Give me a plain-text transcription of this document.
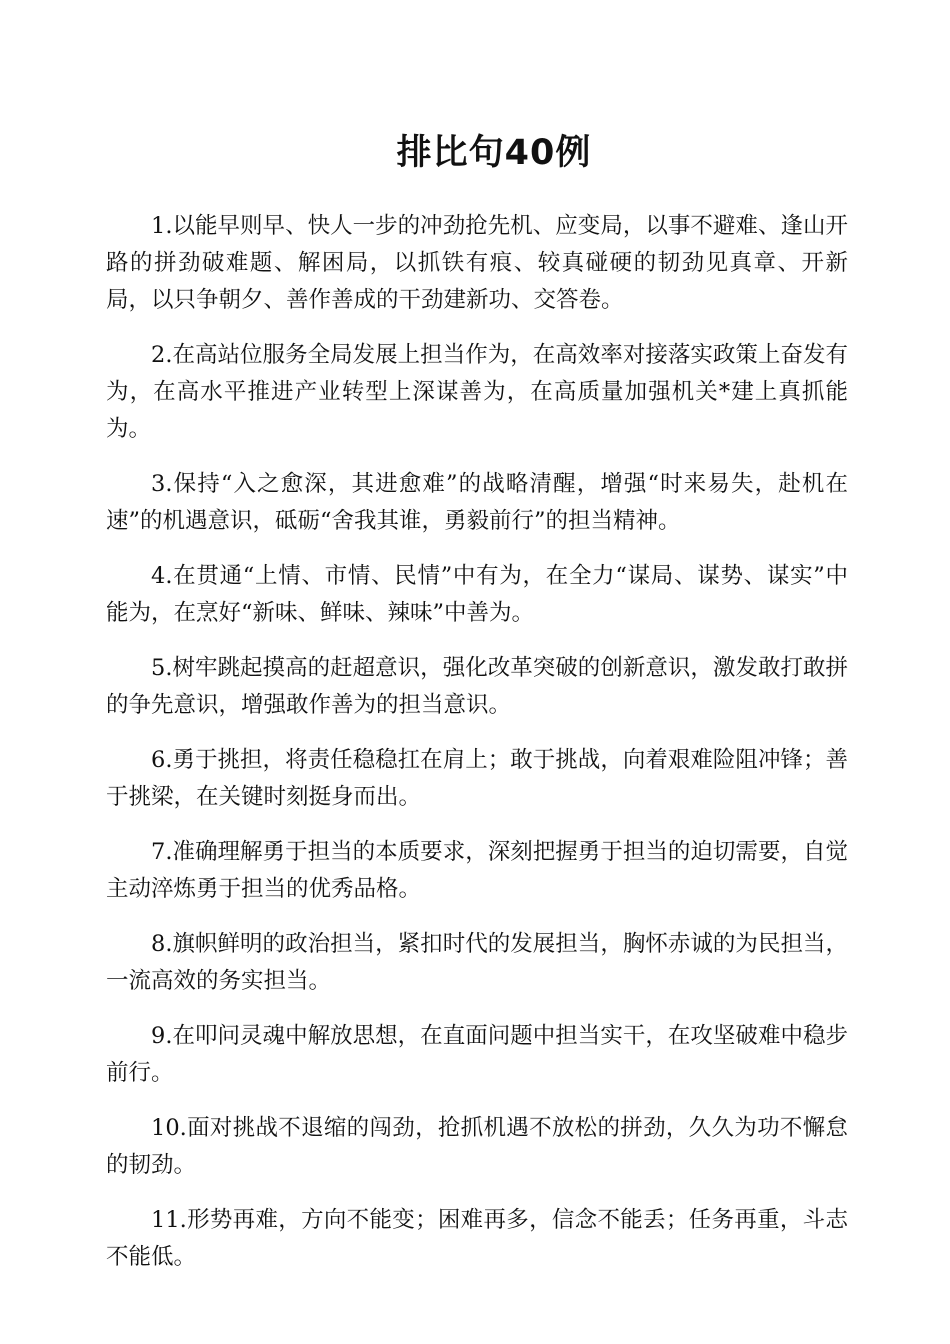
排比句40例

1.以能早则早、快人一步的冲劲抢先机、应变局，以事不避难、逢山开路的拼劲破难题、解困局，以抓铁有痕、较真碰硬的韧劲见真章、开新局，以只争朝夕、善作善成的干劲建新功、交答卷。

2.在高站位服务全局发展上担当作为，在高效率对接落实政策上奋发有为，在高水平推进产业转型上深谋善为，在高质量加强机关*建上真抓能为。

3.保持“入之愈深，其进愈难”的战略清醒，增强“时来易失，赴机在速”的机遇意识，砥砺“舍我其谁，勇毅前行”的担当精神。

4.在贯通“上情、市情、民情”中有为，在全力“谋局、谋势、谋实”中能为，在烹好“新味、鲜味、辣味”中善为。

5.树牢跳起摸高的赶超意识，强化改革突破的创新意识，激发敢打敢拼的争先意识，增强敢作善为的担当意识。

6.勇于挑担，将责任稳稳扛在肩上；敢于挑战，向着艰难险阻冲锋；善于挑梁，在关键时刻挺身而出。

7.准确理解勇于担当的本质要求，深刻把握勇于担当的迫切需要，自觉主动淬炼勇于担当的优秀品格。

8.旗帜鲜明的政治担当，紧扣时代的发展担当，胸怀赤诚的为民担当，一流高效的务实担当。

9.在叩问灵魂中解放思想，在直面问题中担当实干，在攻坚破难中稳步前行。

10.面对挑战不退缩的闯劲，抢抓机遇不放松的拼劲，久久为功不懈怠的韧劲。

11.形势再难，方向不能变；困难再多，信念不能丢；任务再重，斗志不能低。
